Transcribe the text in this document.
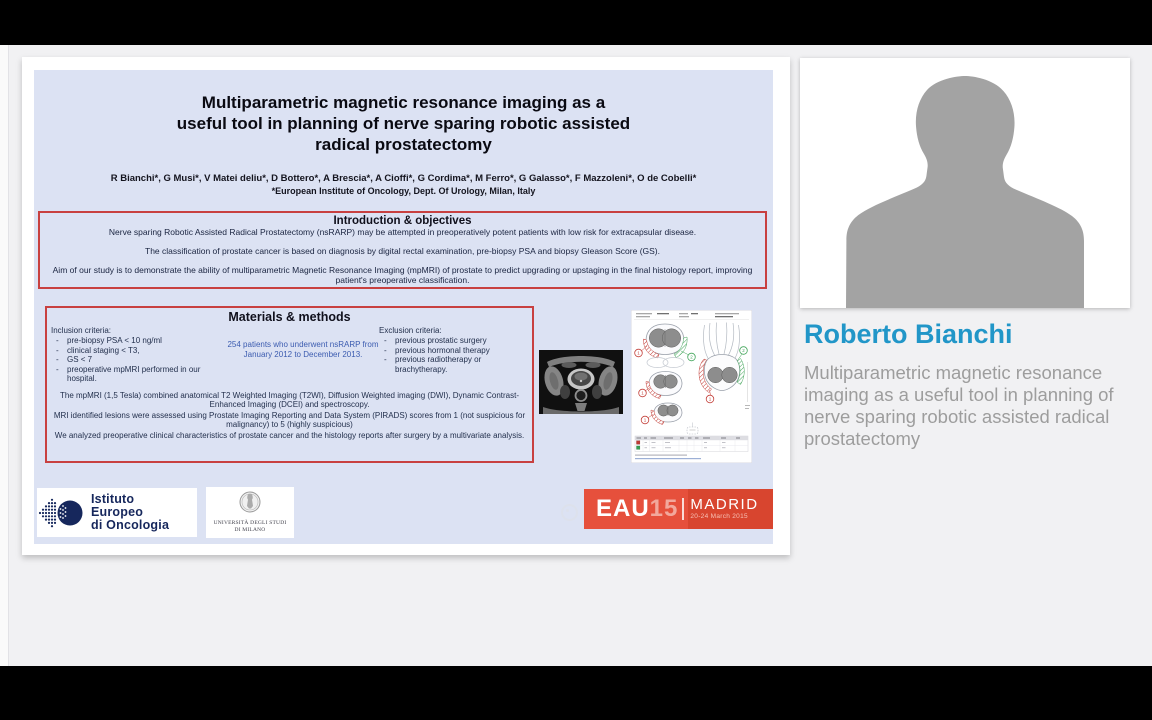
Multiparametric magnetic resonance imaging as a
useful tool in planning of nerve sparing robotic assisted
radical prostatectomy
R Bianchi*, G Musi*, V Matei deliu*, D Bottero*, A Brescia*, A Cioffi*, G Cordima*, M Ferro*, G Galasso*, F Mazzoleni*, O de Cobelli*
*European Institute of Oncology, Dept. Of Urology, Milan, Italy
Introduction & objectives
Nerve sparing Robotic Assisted Radical Prostatectomy (nsRARP) may be attempted in preoperatively potent patients with low risk for extracapsular disease.
The classification of prostate cancer is based on diagnosis by digital rectal examination, pre-biopsy PSA and biopsy Gleason Score (GS).
Aim of our study is to demonstrate the ability of multiparametric Magnetic Resonance Imaging (mpMRI) of prostate to predict upgrading or upstaging in the final histology report, improving patient's preoperative classification.
Materials & methods
Inclusion criteria:
-	pre-biopsy PSA < 10 ng/ml
-	clinical staging < T3,
-	GS < 7
-	preoperative mpMRI performed in our hospital.
254 patients who underwent nsRARP from January 2012 to December 2013.
Exclusion criteria:
-	previous prostatic surgery
-	previous hormonal therapy
-	previous radiotherapy or brachytherapy.
The mpMRI (1,5 Tesla) combined anatomical T2 Weighted Imaging (T2WI), Diffusion Weighted imaging (DWI), Dynamic Contrast-Enhanced Imaging (DCEI) and spectroscopy.
MRI identified lesions were assessed using Prostate Imaging Reporting and Data System (PIRADS) scores from 1 (not suspicious for malignancy) to 5 (highly suspicious)
We analyzed preoperative clinical characteristics of prostate cancer and the histology reports after surgery by a multivariate analysis.
1
2
2
1
1
1
Istituto
Europeo
di Oncologia	UNIVERSITÀ DEGLI STUDI
DI MILANO
EAU 15 MADRID
20-24 March 2015
Roberto Bianchi
Multiparametric magnetic resonance imaging as a useful tool in planning of nerve sparing robotic assisted radical prostatectomy
